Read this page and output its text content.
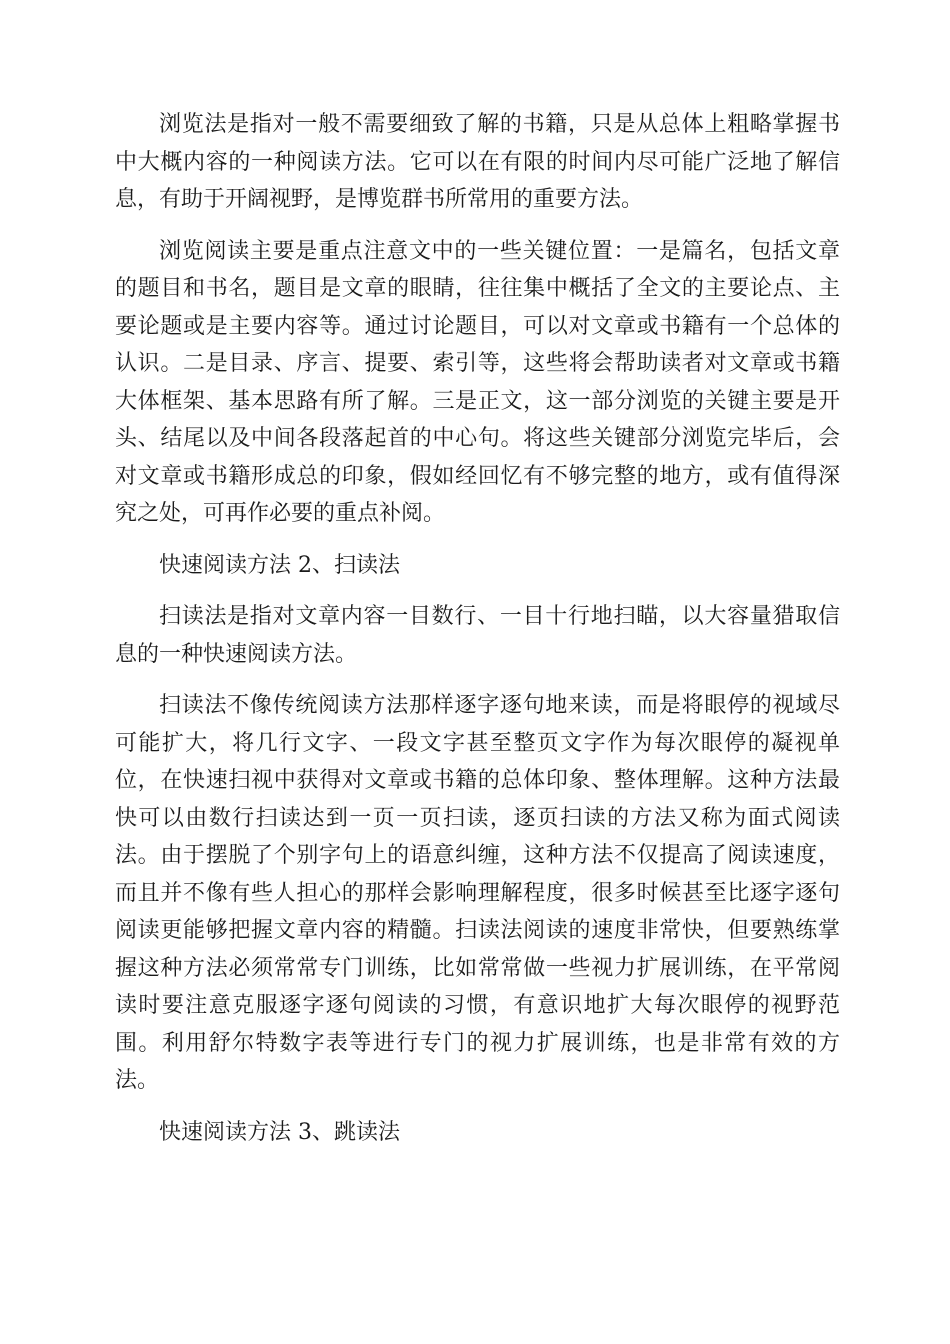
浏览法是指对一般不需要细致了解的书籍，只是从总体上粗略掌握书中大概内容的一种阅读方法。它可以在有限的时间内尽可能广泛地了解信息，有助于开阔视野，是博览群书所常用的重要方法。

浏览阅读主要是重点注意文中的一些关键位置：一是篇名，包括文章的题目和书名，题目是文章的眼睛，往往集中概括了全文的主要论点、主要论题或是主要内容等。通过讨论题目，可以对文章或书籍有一个总体的认识。二是目录、序言、提要、索引等，这些将会帮助读者对文章或书籍大体框架、基本思路有所了解。三是正文，这一部分浏览的关键主要是开头、结尾以及中间各段落起首的中心句。将这些关键部分浏览完毕后，会对文章或书籍形成总的印象，假如经回忆有不够完整的地方，或有值得深究之处，可再作必要的重点补阅。

快速阅读方法 2、扫读法

扫读法是指对文章内容一目数行、一目十行地扫瞄，以大容量猎取信息的一种快速阅读方法。

扫读法不像传统阅读方法那样逐字逐句地来读，而是将眼停的视域尽可能扩大，将几行文字、一段文字甚至整页文字作为每次眼停的凝视单位，在快速扫视中获得对文章或书籍的总体印象、整体理解。这种方法最快可以由数行扫读达到一页一页扫读，逐页扫读的方法又称为面式阅读法。由于摆脱了个别字句上的语意纠缠，这种方法不仅提高了阅读速度，而且并不像有些人担心的那样会影响理解程度，很多时候甚至比逐字逐句阅读更能够把握文章内容的精髓。扫读法阅读的速度非常快，但要熟练掌握这种方法必须常常专门训练，比如常常做一些视力扩展训练，在平常阅读时要注意克服逐字逐句阅读的习惯，有意识地扩大每次眼停的视野范围。利用舒尔特数字表等进行专门的视力扩展训练，也是非常有效的方法。

快速阅读方法 3、跳读法
